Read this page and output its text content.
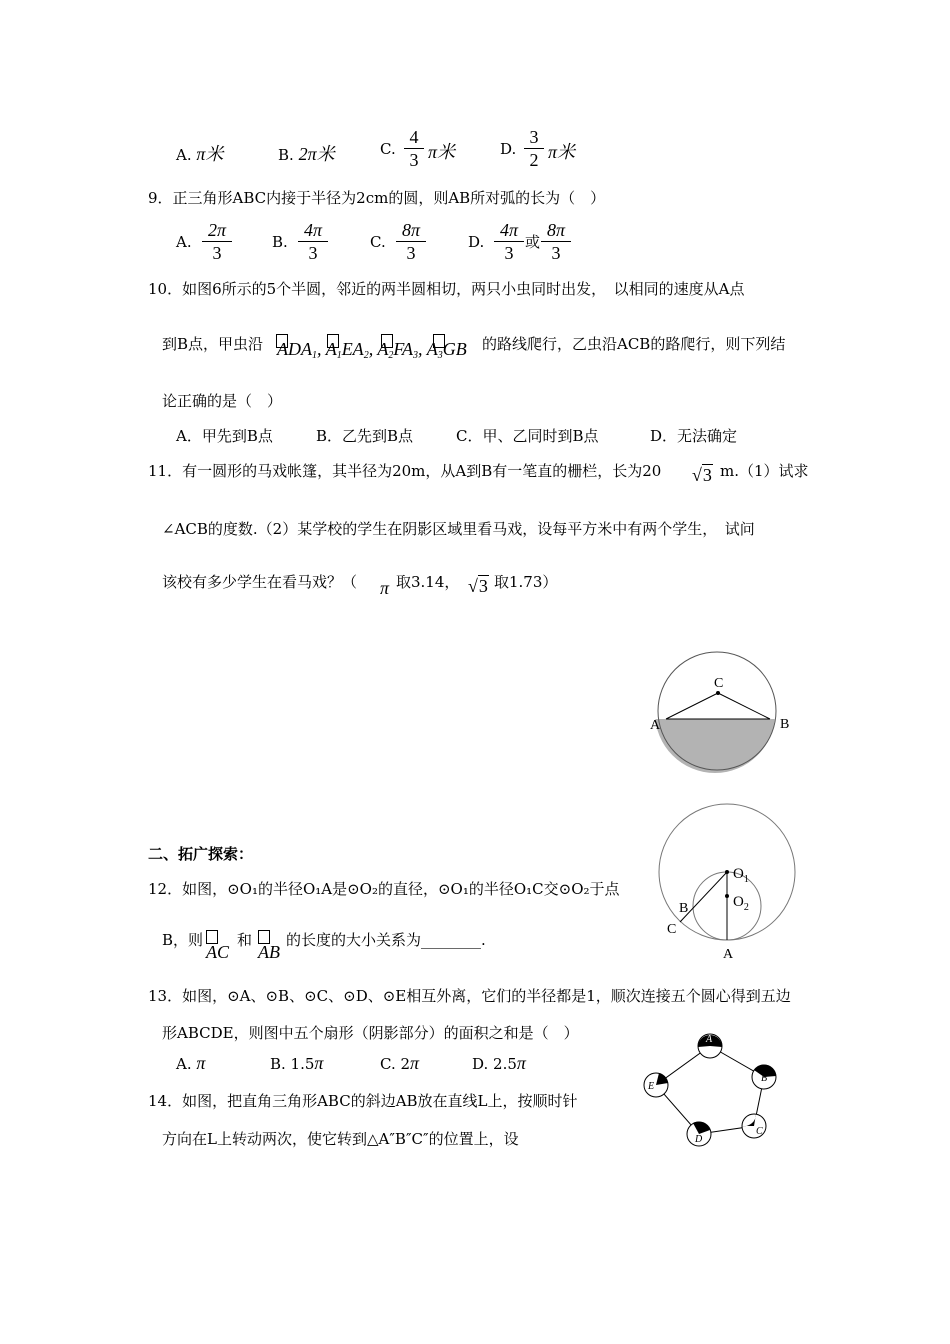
A. π米	B. 2π米	C. $\frac{4}{3}$ π米	D. $\frac{3}{2}$ π米
9．正三角形ABC内接于半径为2cm的圆，则AB所对弧的长为（　）
A. $\frac{2\pi}{3}$	B. $\frac{4\pi}{3}$	C. $\frac{8\pi}{3}$	D. $\frac{4\pi}{3}$ 或 $\frac{8\pi}{3}$
10．如图6所示的5个半圆，邻近的两半圆相切，两只小虫同时出发，　以相同的速度从A点
到B点，甲虫沿 $ADA_1$, $A_1EA_2$, $A_2FA_3$, $A_3GB$ 的路线爬行，乙虫沿ACB的路爬行，则下列结
论正确的是（　）
A．甲先到B点	B．乙先到B点	C．甲、乙同时到B点	D．无法确定
11．有一圆形的马戏帐篷，其半径为20m，从A到B有一笔直的栅栏，长为20 √3 m.（1）试求
∠ACB的度数.（2）某学校的学生在阴影区域里看马戏，设每平方米中有两个学生，　试问
该校有多少学生在看马戏？（ π 取3.14， √3 取1.73）
C
A	B
二、拓广探索：
12．如图，⊙O₁的半径O₁A是⊙O₂的直径，⊙O₁的半径O₁C交⊙O₂于点
B，则
AC
和
AB
的长度的大小关系为________.
$O_1$
$O_2$
B
C
A
13．如图，⊙A、⊙B、⊙C、⊙D、⊙E相互外离，它们的半径都是1，顺次连接五个圆心得到五边
形ABCDE，则图中五个扇形（阴影部分）的面积之和是（　）
A. π	B. 1.5π	C. 2π	D. 2.5π
A
B
C
D
E
14．如图，把直角三角形ABC的斜边AB放在直线L上，按顺时针
方向在L上转动两次，使它转到△A″B″C″的位置上，设
